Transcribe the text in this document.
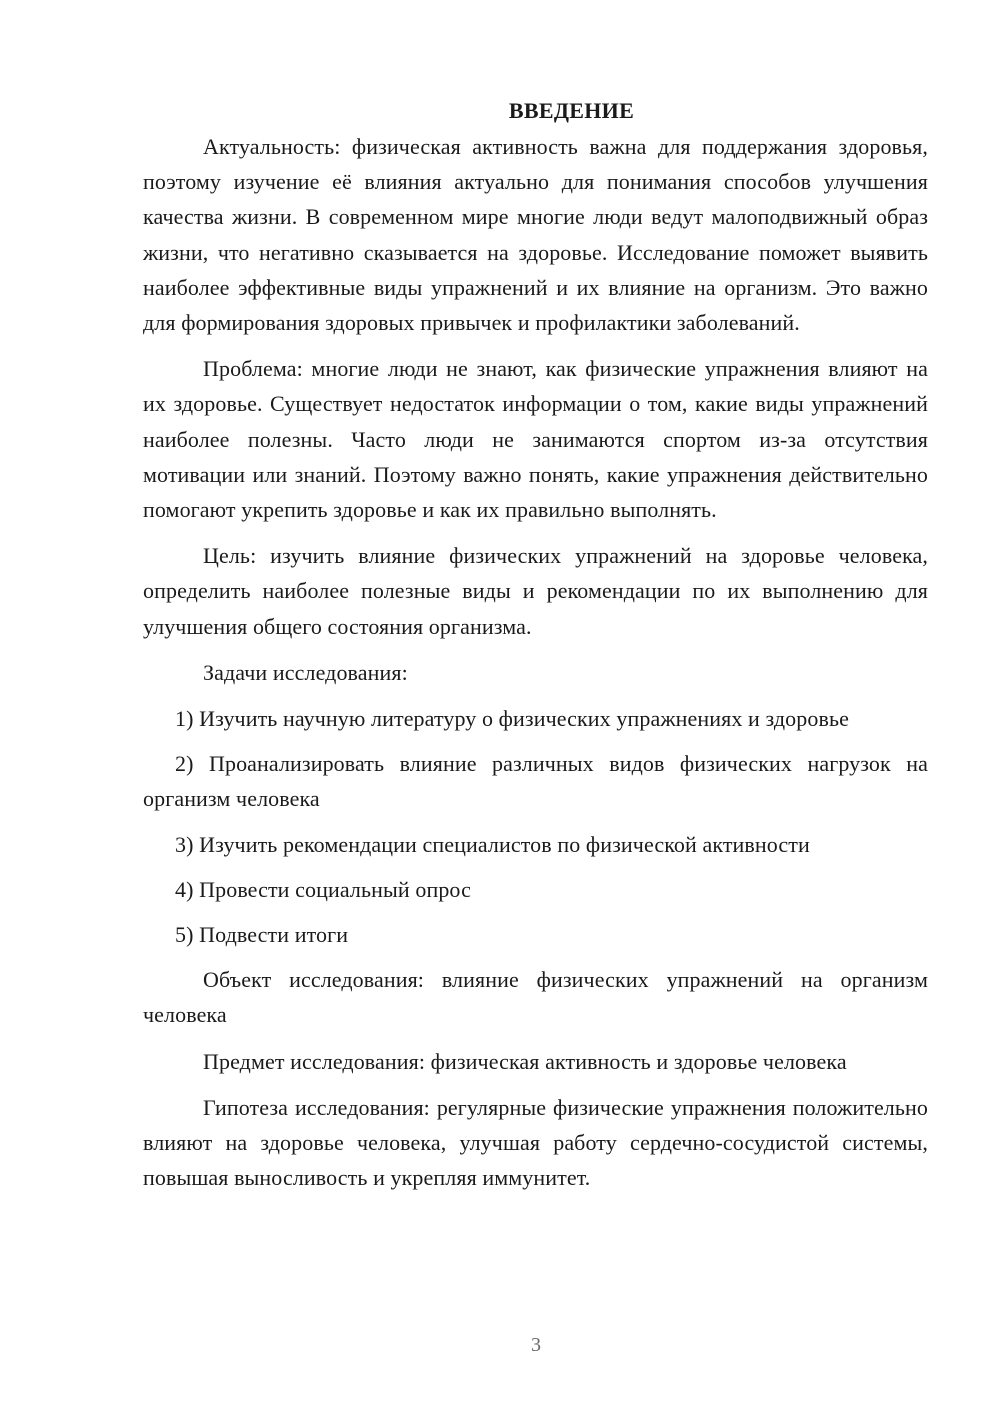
ВВЕДЕНИЕ

Актуальность: физическая активность важна для поддержания здоровья, поэтому изучение её влияния актуально для понимания способов улучшения качества жизни. В современном мире многие люди ведут малоподвижный образ жизни, что негативно сказывается на здоровье. Исследование поможет выявить наиболее эффективные виды упражнений и их влияние на организм. Это важно для формирования здоровых привычек и профилактики заболеваний.

Проблема: многие люди не знают, как физические упражнения влияют на их здоровье. Существует недостаток информации о том, какие виды упражнений наиболее полезны. Часто люди не занимаются спортом из-за отсутствия мотивации или знаний. Поэтому важно понять, какие упражнения действительно помогают укрепить здоровье и как их правильно выполнять.

Цель: изучить влияние физических упражнений на здоровье человека, определить наиболее полезные виды и рекомендации по их выполнению для улучшения общего состояния организма.

Задачи исследования:

1) Изучить научную литературу о физических упражнениях и здоровье

2) Проанализировать влияние различных видов физических нагрузок на организм человека

3) Изучить рекомендации специалистов по физической активности

4) Провести социальный опрос

5) Подвести итоги

Объект исследования: влияние физических упражнений на организм человека

Предмет исследования: физическая активность и здоровье человека

Гипотеза исследования: регулярные физические упражнения положительно влияют на здоровье человека, улучшая работу сердечно-сосудистой системы, повышая выносливость и укрепляя иммунитет.

3
